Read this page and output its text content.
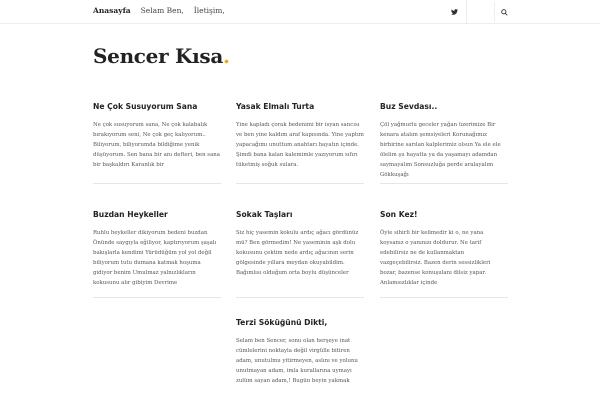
Anasayfa Selam Ben, İletişim,
Sencer Kısa.
Ne Çok Susuyorum Sana

Ne çok susuyorum sana, Ne çok kalabalık bırakıyorum seni, Ne çok geç kalıyorum.. Biliyorum, biliyorumda bildiğime yenik düşüyorum. Sen bana bir anı defteri, ben sana bir başkaldırı Karanlık bir

Yasak Elmalı Turta

Yine kapladı çorak bedenimi bir isyan sancısı ve ben yine kaldım araf kapısında. Yine yaptım yapacağımı unuttum anahtarı hayatın içinde. Şimdi bana kalan kalemimle yazıyorum sıfırı tüketmiş soğuk sulara.

Buz Sevdası..

Çöl yağmurlu geceler yağan üzerimize Bir kenara atalım şemsiyeleri Korunağımız birbirine sarılan kalplerimiz olsun Ya ele ele ölelim şu hayatta ya da yaşamayı adamdan saymayalım Sonsuzluğa perde aralayalım Gökkuşağı

Buzdan Heykeller

Ruhlu heykeller dikiyorum bedeni buzdan Önünde saygıyla eğiliyor, kaptırıyorum şaşalı bakışlarla kendimi Yürüdüğüm yol yol değil biliyorum tutu dumana katmak hoşuma gidiyor benim Umulmaz yalnızlıkların kokusunu alır gibiyim Devrime

Sokak Taşları

Siz hiç yasemin kokulu ardıç ağacı gördünüz mü? Ben görmedim! Ne yaseminin aşk dolu kokusunu çektim nede ardıç ağacının serin gölgesinde yıllara meydan okuyabildim. Bağımlısı olduğum orta boylu düşünceler

Son Kez!

Öyle sihirli bir kelimedir ki o, ne yana koysanız o yanınızı doldurur. Ne tarif edebilirsiz ne de kullanmaktan vazgeçebilirsiz. Bazen derin sessizlikleri bozar, bazense konuşulanı dilsiz yapar. Anlamsızlıklar içinde

Terzi Söküğünü Dikti,

Selam ben Sencer, sonu olan herşeye inat cümlelerini noktayla değil virgülle bitiren adam, unutulmu yitirmeyen, aslını ve yolunu unutmayan adam, imla kurallarına uymayı zulüm sayan adam,! Bugün beyin yakmak
